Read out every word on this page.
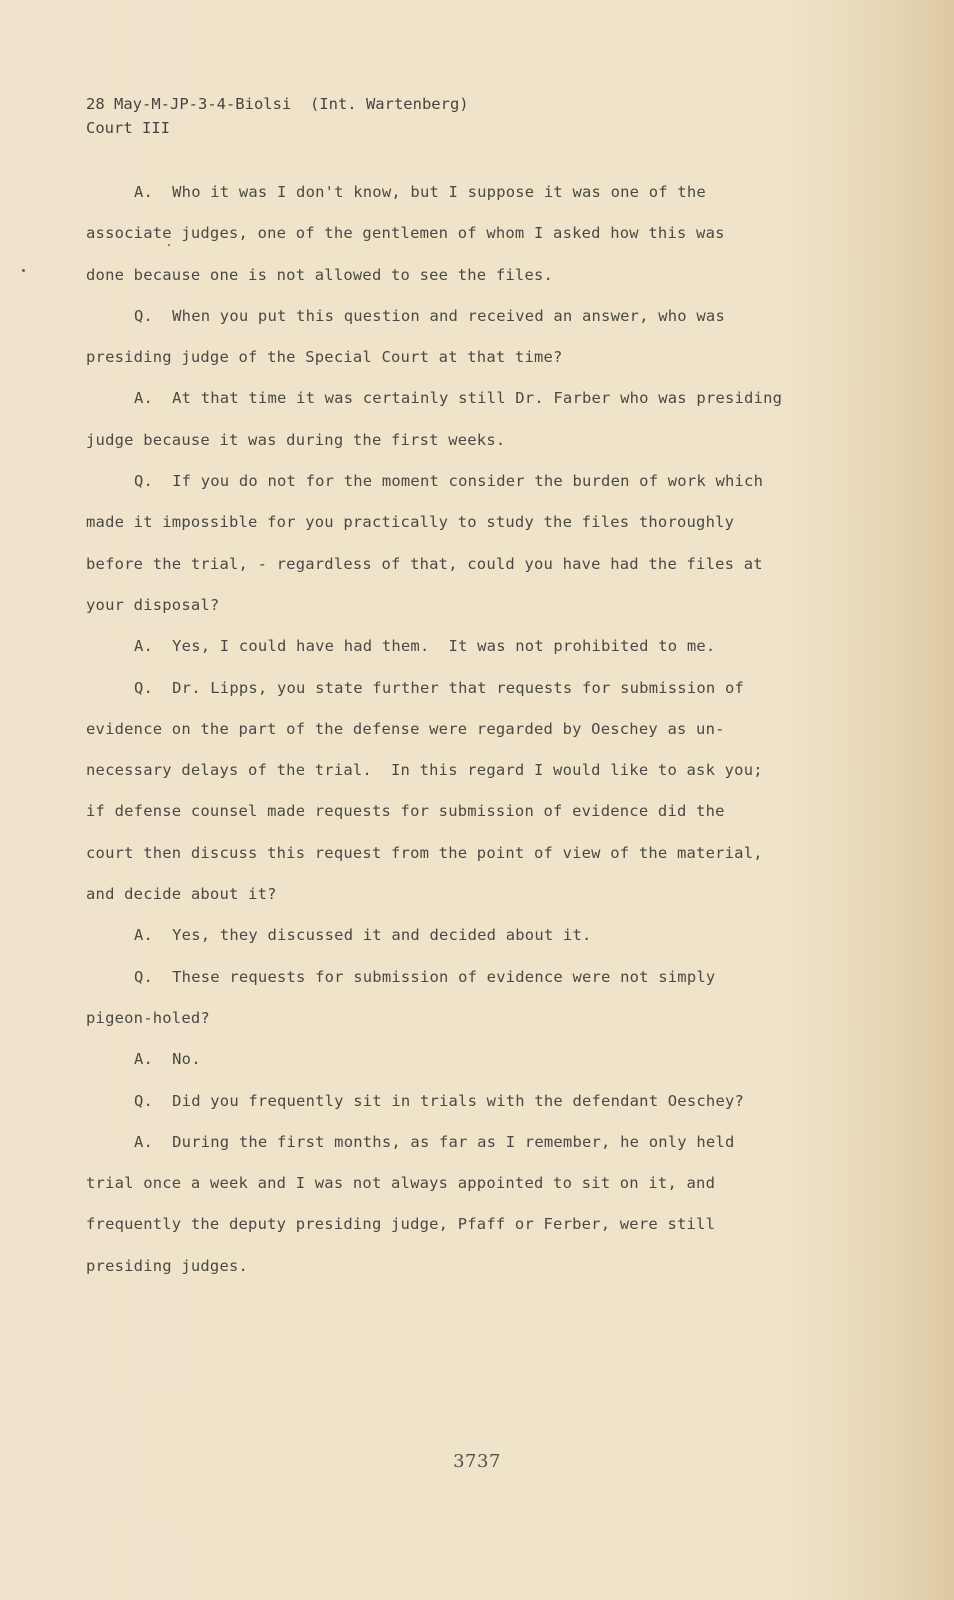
28 May-M-JP-3-4-Biolsi  (Int. Wartenberg)
Court III
A.  Who it was I don't know, but I suppose it was one of the
associate judges, one of the gentlemen of whom I asked how this was
done because one is not allowed to see the files.
Q.  When you put this question and received an answer, who was
presiding judge of the Special Court at that time?
A.  At that time it was certainly still Dr. Farber who was presiding
judge because it was during the first weeks.
Q.  If you do not for the moment consider the burden of work which
made it impossible for you practically to study the files thoroughly
before the trial, - regardless of that, could you have had the files at
your disposal?
A.  Yes, I could have had them.  It was not prohibited to me.
Q.  Dr. Lipps, you state further that requests for submission of
evidence on the part of the defense were regarded by Oeschey as un-
necessary delays of the trial.  In this regard I would like to ask you;
if defense counsel made requests for submission of evidence did the
court then discuss this request from the point of view of the material,
and decide about it?
A.  Yes, they discussed it and decided about it.
Q.  These requests for submission of evidence were not simply
pigeon-holed?
A.  No.
Q.  Did you frequently sit in trials with the defendant Oeschey?
A.  During the first months, as far as I remember, he only held
trial once a week and I was not always appointed to sit on it, and
frequently the deputy presiding judge, Pfaff or Ferber, were still
presiding judges.
3737
